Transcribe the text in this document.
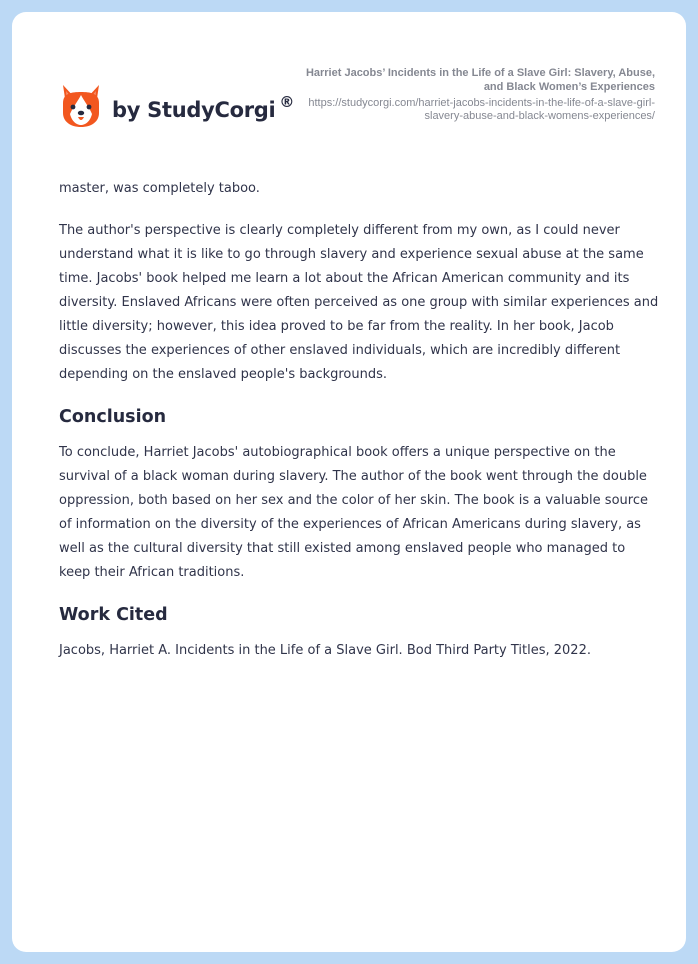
by StudyCorgi ®
Harriet Jacobs’ Incidents in the Life of a Slave Girl: Slavery, Abuse, and Black Women’s Experiences
https://studycorgi.com/harriet-jacobs-incidents-in-the-life-of-a-slave-girl-slavery-abuse-and-black-womens-experiences/

master, was completely taboo.

The author's perspective is clearly completely different from my own, as I could never understand what it is like to go through slavery and experience sexual abuse at the same time. Jacobs' book helped me learn a lot about the African American community and its diversity. Enslaved Africans were often perceived as one group with similar experiences and little diversity; however, this idea proved to be far from the reality. In her book, Jacob discusses the experiences of other enslaved individuals, which are incredibly different depending on the enslaved people's backgrounds.

Conclusion

To conclude, Harriet Jacobs' autobiographical book offers a unique perspective on the survival of a black woman during slavery. The author of the book went through the double oppression, both based on her sex and the color of her skin. The book is a valuable source of information on the diversity of the experiences of African Americans during slavery, as well as the cultural diversity that still existed among enslaved people who managed to keep their African traditions.

Work Cited

Jacobs, Harriet A. Incidents in the Life of a Slave Girl. Bod Third Party Titles, 2022.
